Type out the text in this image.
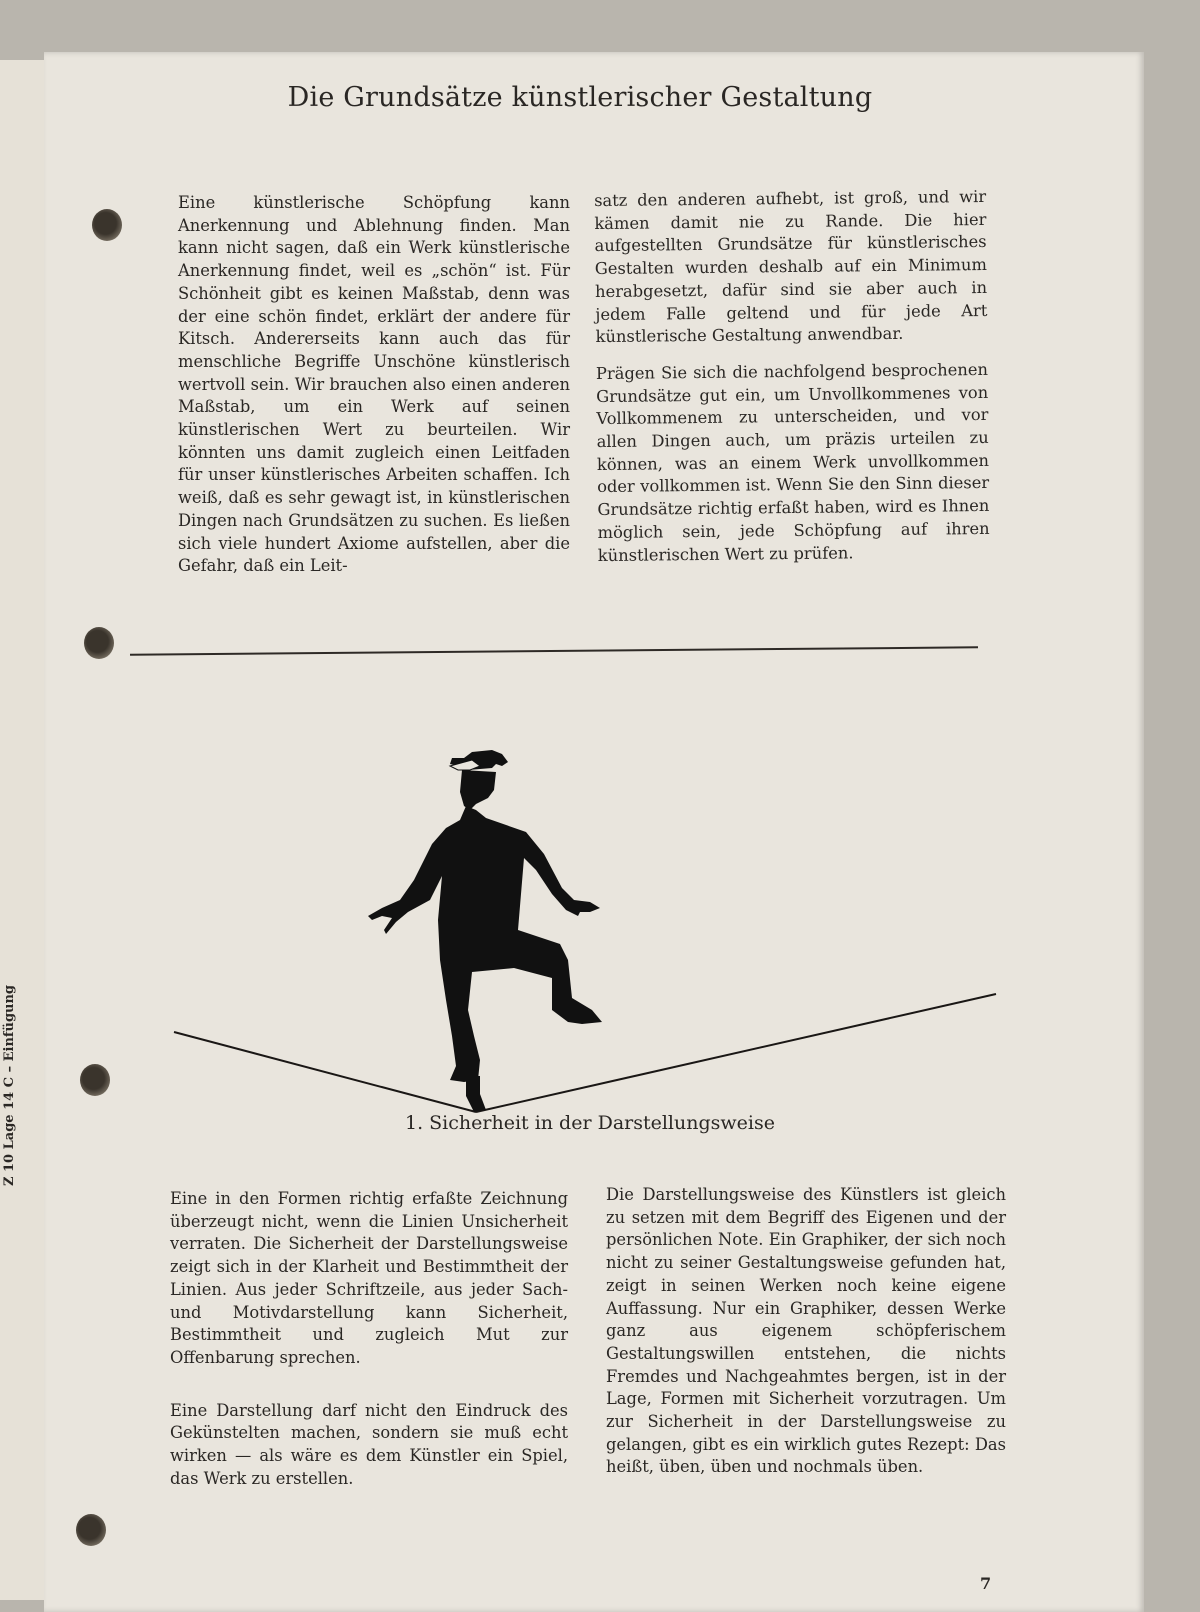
Die Grundsätze künstlerischer Gestaltung

Eine künstlerische Schöpfung kann Anerkennung und Ablehnung finden. Man kann nicht sagen, daß ein Werk künstlerische Anerkennung findet, weil es „schön“ ist. Für Schönheit gibt es keinen Maßstab, denn was der eine schön findet, erklärt der andere für Kitsch. Andererseits kann auch das für menschliche Begriffe Unschöne künstlerisch wertvoll sein. Wir brauchen also einen anderen Maßstab, um ein Werk auf seinen künstlerischen Wert zu beurteilen. Wir könnten uns damit zugleich einen Leitfaden für unser künstlerisches Arbeiten schaffen. Ich weiß, daß es sehr gewagt ist, in künstlerischen Dingen nach Grundsätzen zu suchen. Es ließen sich viele hundert Axiome aufstellen, aber die Gefahr, daß ein Leit-

satz den anderen aufhebt, ist groß, und wir kämen damit nie zu Rande. Die hier aufgestellten Grundsätze für künstlerisches Gestalten wurden deshalb auf ein Minimum herabgesetzt, dafür sind sie aber auch in jedem Falle geltend und für jede Art künstlerische Gestaltung anwendbar.

Prägen Sie sich die nachfolgend besprochenen Grundsätze gut ein, um Unvollkommenes von Vollkommenem zu unterscheiden, und vor allen Dingen auch, um präzis urteilen zu können, was an einem Werk unvollkommen oder vollkommen ist. Wenn Sie den Sinn dieser Grundsätze richtig erfaßt haben, wird es Ihnen möglich sein, jede Schöpfung auf ihren künstlerischen Wert zu prüfen.

1. Sicherheit in der Darstellungsweise

Eine in den Formen richtig erfaßte Zeichnung überzeugt nicht, wenn die Linien Unsicherheit verraten. Die Sicherheit der Darstellungsweise zeigt sich in der Klarheit und Bestimmtheit der Linien. Aus jeder Schriftzeile, aus jeder Sach- und Motivdarstellung kann Sicherheit, Bestimmtheit und zugleich Mut zur Offenbarung sprechen.

Eine Darstellung darf nicht den Eindruck des Gekünstelten machen, sondern sie muß echt wirken — als wäre es dem Künstler ein Spiel, das Werk zu erstellen.

Die Darstellungsweise des Künstlers ist gleich zu setzen mit dem Begriff des Eigenen und der persönlichen Note. Ein Graphiker, der sich noch nicht zu seiner Gestaltungsweise gefunden hat, zeigt in seinen Werken noch keine eigene Auffassung. Nur ein Graphiker, dessen Werke ganz aus eigenem schöpferischem Gestaltungswillen entstehen, die nichts Fremdes und Nachgeahmtes bergen, ist in der Lage, Formen mit Sicherheit vorzutragen. Um zur Sicherheit in der Darstellungsweise zu gelangen, gibt es ein wirklich gutes Rezept: Das heißt, üben, üben und nochmals üben.

Z 10 Lage 14 C – Einfügung
7
